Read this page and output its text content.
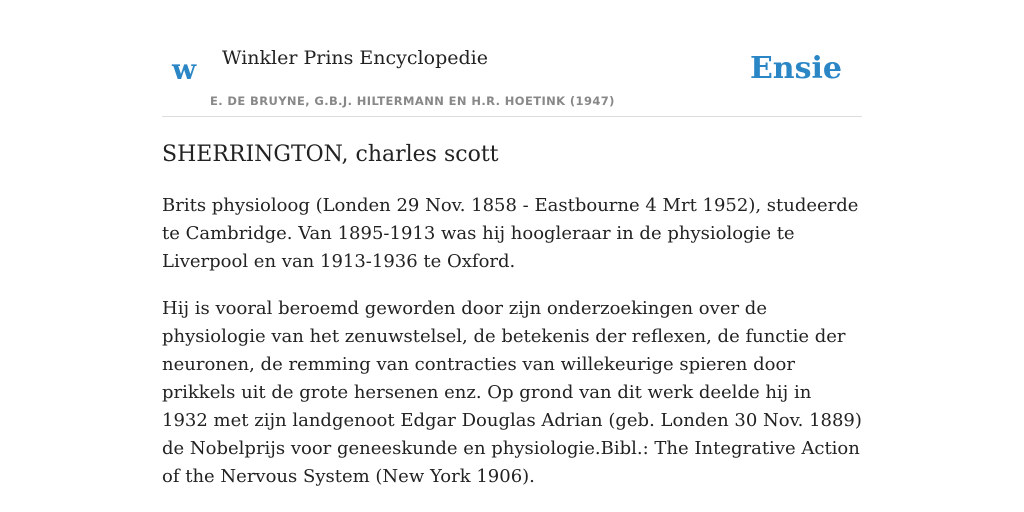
w Winkler Prins Encyclopedie
E. DE BRUYNE, G.B.J. HILTERMANN EN H.R. HOETINK (1947)
Ensie
SHERRINGTON, charles scott

Brits physioloog (Londen 29 Nov. 1858 - Eastbourne 4 Mrt 1952), studeerde te Cambridge. Van 1895-1913 was hij hoogleraar in de physiologie te Liverpool en van 1913-1936 te Oxford.

Hij is vooral beroemd geworden door zijn onderzoekingen over de physiologie van het zenuwstelsel, de betekenis der reflexen, de functie der neuronen, de remming van contracties van willekeurige spieren door prikkels uit de grote hersenen enz. Op grond van dit werk deelde hij in 1932 met zijn landgenoot Edgar Douglas Adrian (geb. Londen 30 Nov. 1889) de Nobelprijs voor geneeskunde en physiologie.Bibl.: The Integrative Action of the Nervous System (New York 1906).
